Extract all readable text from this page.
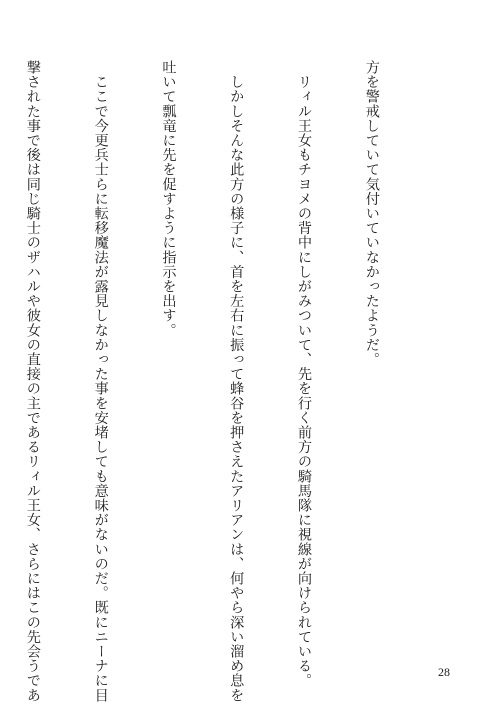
方を警戒していて気付いていなかったようだ。

　リィル王女もチヨメの背中にしがみついて、先を行く前方の騎馬隊に視線が向けられている。

　しかしそんな此方の様子に、首を左右に振って蜂谷を押さえたアリアンは、何やら深い溜め息を

吐いて瓢竜に先を促すように指示を出す。

　ここで今更兵士らに転移魔法が露見しなかった事を安堵しても意味がないのだ。既にニーナに目

撃された事で後は同じ騎士のザハルや彼女の直接の主であるリィル王女、さらにはこの先会うであ

	28
